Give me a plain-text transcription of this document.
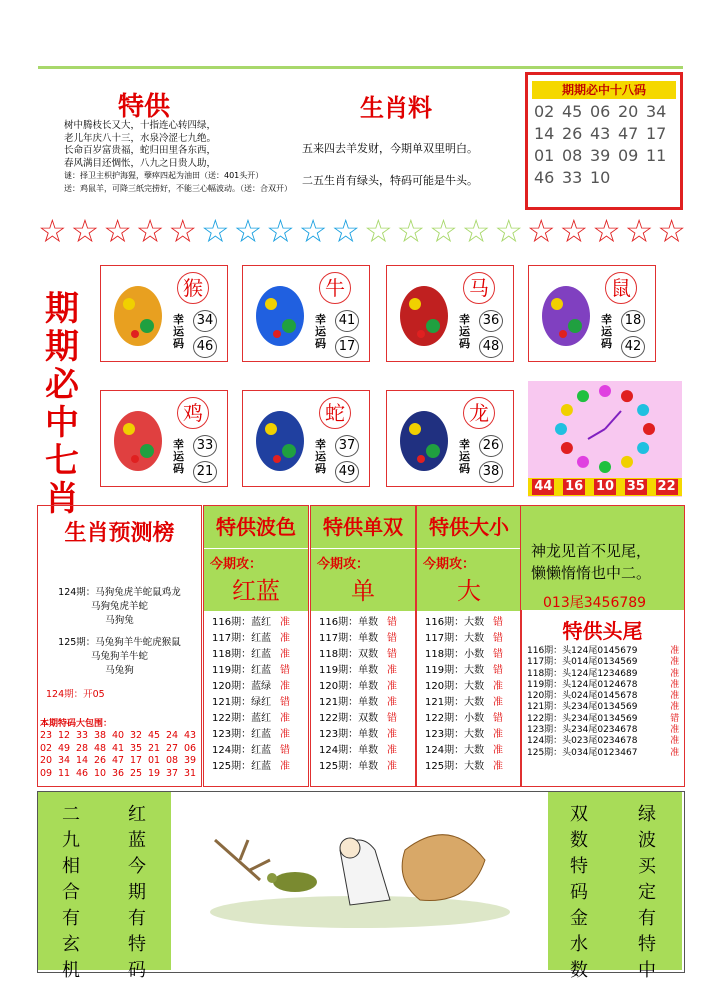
特供
树中腾枝长又大，十指连心转四绿，
老儿年庆八十三，水泉冷涩七九绝。
长命百岁富贵福，蛇归田里各东西，
春风满目还惆怅，八九之日贵人助，
谜：择卫主枳护海猩，孽瘁四起为油田（送：401头开）
送：鸡鼠羊，可降三纸完捞好，不能三心幅波动。（送：合双开）
生肖料
五来四去羊发财，今期单双里明白。
二五生肖有绿头，特码可能是牛头。
期期必中十八码
02 45 06 20 34
14 26 43 47 17
01 08 39 09 11
46 33 10
☆ ☆ ☆ ☆ ☆ ☆ ☆ ☆ ☆ ☆ ☆ ☆ ☆ ☆ ☆ ☆ ☆ ☆ ☆ ☆
期
期
必
中
七
肖
猴
幸
运
码
34
46
牛
幸
运
码
41
17
马
幸
运
码
36
48
鼠
幸
运
码
18
42
鸡
幸
运
码
33
21
蛇
幸
运
码
37
49
龙
幸
运
码
26
38
44 16 10 35 22
生肖预测榜
124期：马狗兔虎羊蛇鼠鸡龙
马狗兔虎羊蛇
马狗兔
125期：马兔狗羊牛蛇虎猴鼠
马兔狗羊牛蛇
马兔狗
124期：开05
本期特码大包围：
23 12 33 38 40 32 45 24 43
02 49 28 48 41 35 21 27 06
20 34 14 26 47 17 01 08 39
09 11 46 10 36 25 19 37 31
特供波色
今期攻：
红蓝
116期：蓝红 准
117期：红蓝 准
118期：红蓝 准
119期：红蓝 错
120期：蓝绿 准
121期：绿红 错
122期：蓝红 准
123期：红蓝 准
124期：红蓝 错
125期：红蓝 准
特供单双
今期攻：
单
116期：单数 错
117期：单数 错
118期：双数 错
119期：单数 准
120期：单数 准
121期：单数 准
122期：双数 错
123期：单数 准
124期：单数 准
125期：单数 准
特供大小
今期攻：
大
116期：大数 错
117期：大数 错
118期：小数 错
119期：大数 错
120期：大数 准
121期：大数 准
122期：小数 错
123期：大数 准
124期：大数 准
125期：大数 准
神龙见首不见尾，
懒懒惰惰也中二。
013尾3456789
特供头尾
116期：头124尾0145679	准
117期：头014尾0134569	准
118期：头124尾1234689	准
119期：头124尾0124678	准
120期：头024尾0145678	准
121期：头234尾0134569	准
122期：头234尾0134569	错
123期：头234尾0234678	准
124期：头023尾0234678	准
125期：头034尾0123467	准
二
九
相
合
有
玄
机
红
蓝
今
期
有
特
码
双
数
特
码
金
水
数
绿
波
买
定
有
特
中
